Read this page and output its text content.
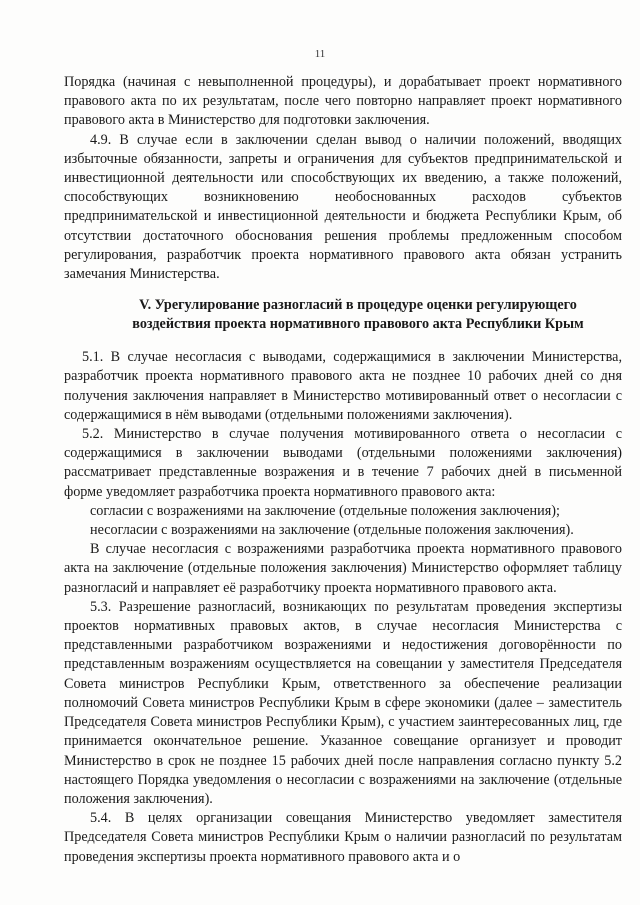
11

Порядка (начиная с невыполненной процедуры), и дорабатывает проект нормативного правового акта по их результатам, после чего повторно направляет проект нормативного правового акта в Министерство для подготовки заключения.

4.9. В случае если в заключении сделан вывод о наличии положений, вводящих избыточные обязанности, запреты и ограничения для субъектов предпринимательской и инвестиционной деятельности или способствующих их введению, а также положений, способствующих возникновению необоснованных расходов субъектов предпринимательской и инвестиционной деятельности и бюджета Республики Крым, об отсутствии достаточного обоснования решения проблемы предложенным способом регулирования, разработчик проекта нормативного правового акта обязан устранить замечания Министерства.

V. Урегулирование разногласий в процедуре оценки регулирующего воздействия проекта нормативного правового акта Республики Крым

5.1. В случае несогласия с выводами, содержащимися в заключении Министерства, разработчик проекта нормативного правового акта не позднее 10 рабочих дней со дня получения заключения направляет в Министерство мотивированный ответ о несогласии с содержащимися в нём выводами (отдельными положениями заключения).

5.2. Министерство в случае получения мотивированного ответа о несогласии с содержащимися в заключении выводами (отдельными положениями заключения) рассматривает представленные возражения и в течение 7 рабочих дней в письменной форме уведомляет разработчика проекта нормативного правового акта:

согласии с возражениями на заключение (отдельные положения заключения);

несогласии с возражениями на заключение (отдельные положения заключения).

В случае несогласия с возражениями разработчика проекта нормативного правового акта на заключение (отдельные положения заключения) Министерство оформляет таблицу разногласий и направляет её разработчику проекта нормативного правового акта.

5.3. Разрешение разногласий, возникающих по результатам проведения экспертизы проектов нормативных правовых актов, в случае несогласия Министерства с представленными разработчиком возражениями и недостижения договорённости по представленным возражениям осуществляется на совещании у заместителя Председателя Совета министров Республики Крым, ответственного за обеспечение реализации полномочий Совета министров Республики Крым в сфере экономики (далее – заместитель Председателя Совета министров Республики Крым), с участием заинтересованных лиц, где принимается окончательное решение. Указанное совещание организует и проводит Министерство в срок не позднее 15 рабочих дней после направления согласно пункту 5.2 настоящего Порядка уведомления о несогласии с возражениями на заключение (отдельные положения заключения).

5.4. В целях организации совещания Министерство уведомляет заместителя Председателя Совета министров Республики Крым о наличии разногласий по результатам проведения экспертизы проекта нормативного правового акта и о
